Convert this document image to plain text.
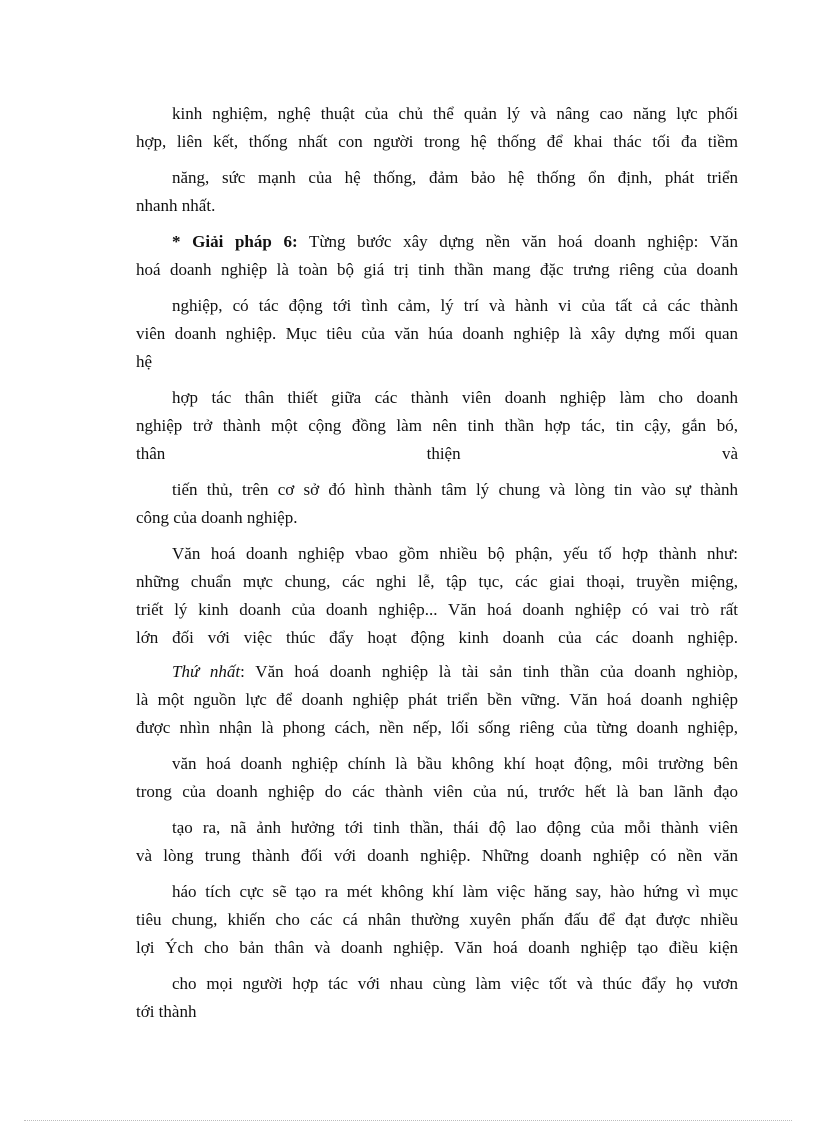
kinh nghiệm, nghệ thuật của chủ thể quản lý và nâng cao năng lực phối
hợp, liên kết, thống nhất con người trong hệ thống để khai thác tối đa tiềm
năng, sức mạnh của hệ thống, đảm bảo hệ thống ổn định, phát triển
nhanh nhất.
* Giải pháp 6: Từng bước xây dựng nền văn hoá doanh nghiệp: Văn
hoá doanh nghiệp là toàn bộ giá trị tinh thần mang đặc trưng riêng của doanh
nghiệp, có tác động tới tình cảm, lý trí và hành vi của tất cả các thành
viên doanh nghiệp. Mục tiêu của văn húa doanh nghiệp là xây dựng mối quan
hệ
hợp tác thân thiết giữa các thành viên doanh nghiệp làm cho doanh
nghiệp trở thành một cộng đồng làm nên tinh thần hợp tác, tin cậy, gắn bó,
thân thiện và
tiến thủ, trên cơ sở đó hình thành tâm lý chung và lòng tin vào sự thành
công của doanh nghiệp.
Văn hoá doanh nghiệp vbao gồm nhiều bộ phận, yếu tố hợp thành như:
những chuẩn mực chung, các nghi lễ, tập tục, các giai thoại, truyền miệng,
triết lý kinh doanh của doanh nghiệp... Văn hoá doanh nghiệp có vai trò rất
lớn đối với việc thúc đẩy hoạt động kinh doanh của các doanh nghiệp.
Thứ nhất: Văn hoá doanh nghiệp là tài sản tinh thần của doanh nghiòp,
là một nguồn lực để doanh nghiệp phát triển bền vững. Văn hoá doanh nghiệp
được nhìn nhận là phong cách, nền nếp, lối sống riêng của từng doanh nghiệp,
văn hoá doanh nghiệp chính là bầu không khí hoạt động, môi trường bên
trong của doanh nghiệp do các thành viên của nú, trước hết là ban lãnh đạo
tạo ra, nã ảnh hưởng tới tinh thần, thái độ lao động của mỗi thành viên
và lòng trung thành đối với doanh nghiệp. Những doanh nghiệp có nền văn
háo tích cực sẽ tạo ra mét không khí làm việc hăng say, hào hứng vì mục
tiêu chung, khiến cho các cá nhân thường xuyên phấn đấu để đạt được nhiều
lợi Ých cho bản thân và doanh nghiệp. Văn hoá doanh nghiệp tạo điều kiện
cho mọi người hợp tác với nhau cùng làm việc tốt và thúc đẩy họ vươn
tới thành
